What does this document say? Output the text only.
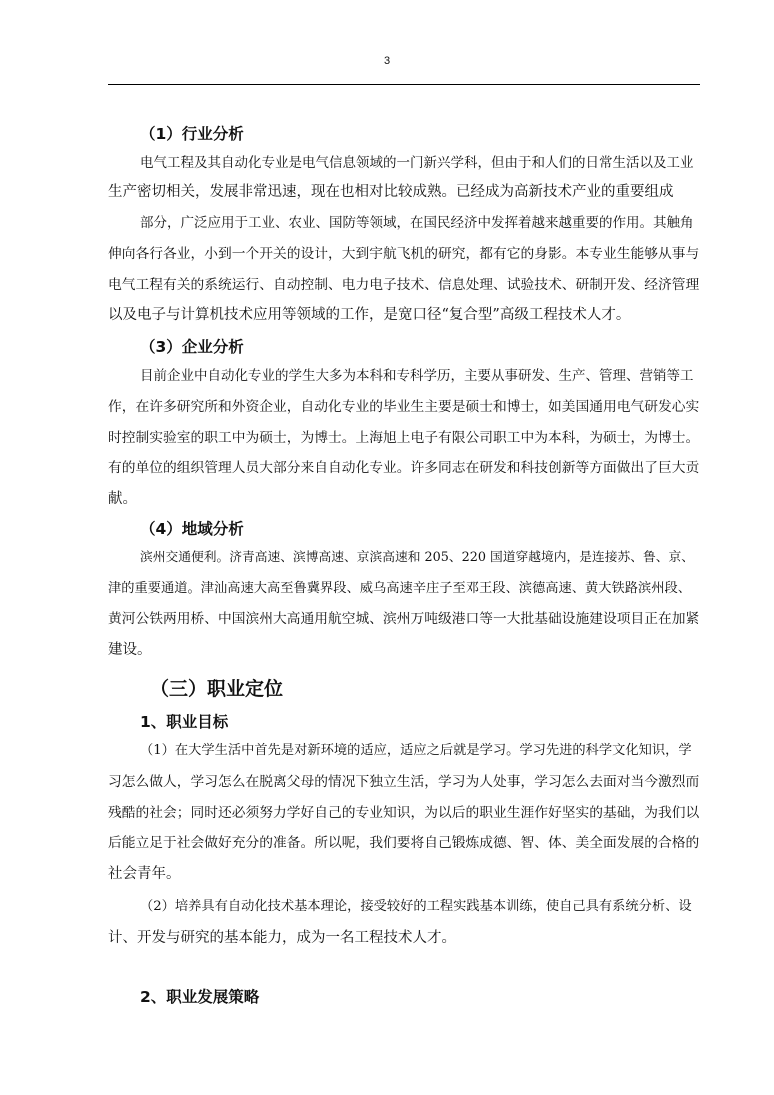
3
（1）行业分析
电气工程及其自动化专业是电气信息领域的一门新兴学科，但由于和人们的日常生活以及工业
生产密切相关，发展非常迅速，现在也相对比较成熟。已经成为高新技术产业的重要组成
部分，广泛应用于工业、农业、国防等领域，在国民经济中发挥着越来越重要的作用。其触角
伸向各行各业，小到一个开关的设计，大到宇航飞机的研究，都有它的身影。本专业生能够从事与
电气工程有关的系统运行、自动控制、电力电子技术、信息处理、试验技术、研制开发、经济管理
以及电子与计算机技术应用等领域的工作，是宽口径“复合型”高级工程技术人才。
（3）企业分析
目前企业中自动化专业的学生大多为本科和专科学历，主要从事研发、生产、管理、营销等工
作，在许多研究所和外资企业，自动化专业的毕业生主要是硕士和博士，如美国通用电气研发心实
时控制实验室的职工中为硕士，为博士。上海旭上电子有限公司职工中为本科，为硕士，为博士。
有的单位的组织管理人员大部分来自自动化专业。许多同志在研发和科技创新等方面做出了巨大贡
献。
（4）地域分析
滨州交通便利。济青高速、滨博高速、京滨高速和 205、220 国道穿越境内，是连接苏、鲁、京、
津的重要通道。津汕高速大高至鲁冀界段、威乌高速辛庄子至邓王段、滨德高速、黄大铁路滨州段、
黄河公铁两用桥、中国滨州大高通用航空城、滨州万吨级港口等一大批基础设施建设项目正在加紧
建设。
（三）职业定位
1、职业目标
（1）在大学生活中首先是对新环境的适应，适应之后就是学习。学习先进的科学文化知识，学
习怎么做人，学习怎么在脱离父母的情况下独立生活，学习为人处事，学习怎么去面对当今激烈而
残酷的社会；同时还必须努力学好自己的专业知识，为以后的职业生涯作好坚实的基础，为我们以
后能立足于社会做好充分的准备。所以呢，我们要将自己锻炼成德、智、体、美全面发展的合格的
社会青年。
（2）培养具有自动化技术基本理论，接受较好的工程实践基本训练，使自己具有系统分析、设
计、开发与研究的基本能力，成为一名工程技术人才。
2、职业发展策略
